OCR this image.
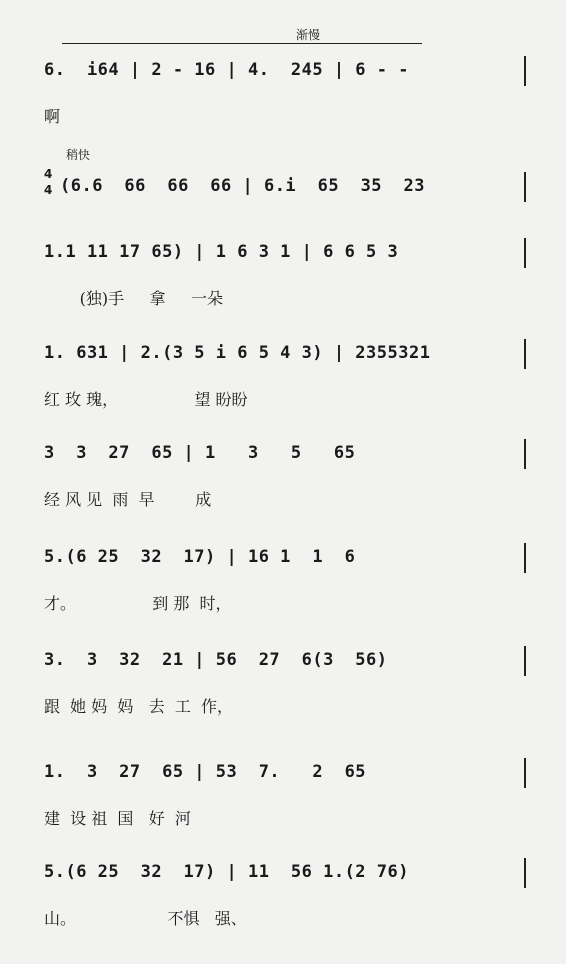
渐慢
6.  i64 | 2 - 16 | 4.  245 | 6 - -
啊
稍快
4
4 (6.6  66  66  66 | 6.i  65  35  23
1.1 11 17 65) | 1 6 3 1 | 6 6 5 3
(独)手     拿     一朵
1. 631 | 2.(3 5 i 6 5 4 3) | 2355321
红 玫 瑰，               望 盼盼
3  3  27  65 | 1   3   5   65
经 风 见  雨  早        成
5.(6 25  32  17) | 16 1  1  6
才。               到 那  时，
3.  3  32  21 | 56  27  6(3  56)
跟  她 妈  妈   去  工  作，
1.  3  27  65 | 53  7.   2  65
建  设 祖  国   好  河
5.(6 25  32  17) | 11  56 1.(2 76)
山。                  不惧   强、
